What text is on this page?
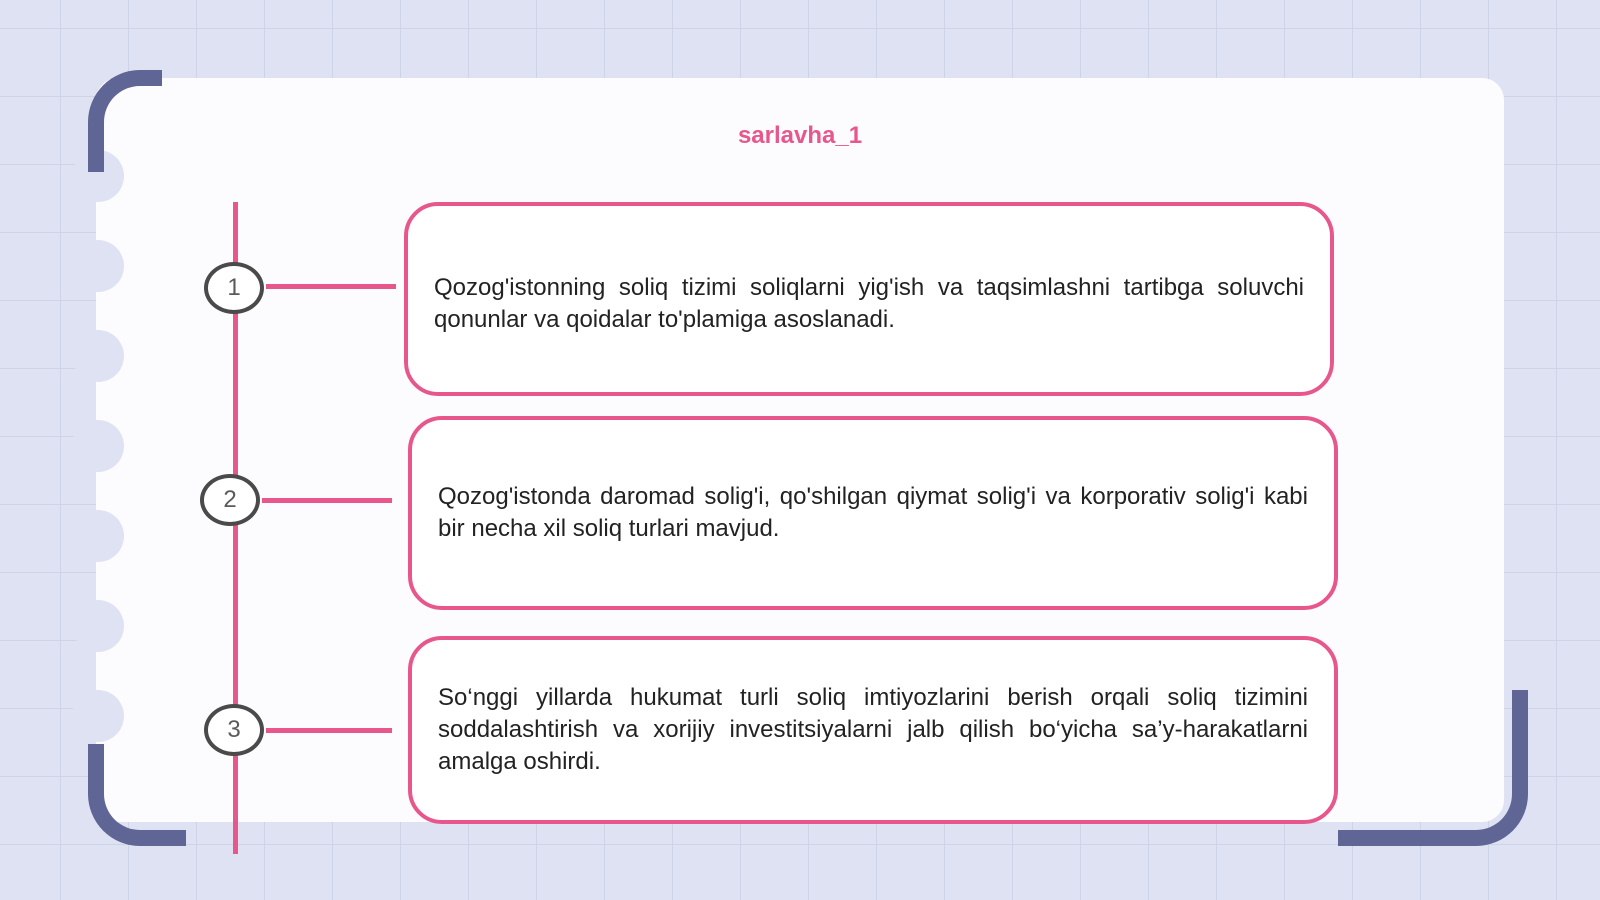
sarlavha_1
1	Qozog'istonning soliq tizimi soliqlarni yig'ish va taqsimlashni tartibga soluvchi qonunlar va qoidalar to'plamiga asoslanadi.

2	Qozog'istonda daromad solig'i, qo'shilgan qiymat solig'i va korporativ solig'i kabi bir necha xil soliq turlari mavjud.

3

So‘nggi yillarda hukumat turli soliq imtiyozlarini berish orqali soliq tizimini soddalashtirish va xorijiy investitsiyalarni jalb qilish bo‘yicha sa’y-harakatlarni amalga oshirdi.
